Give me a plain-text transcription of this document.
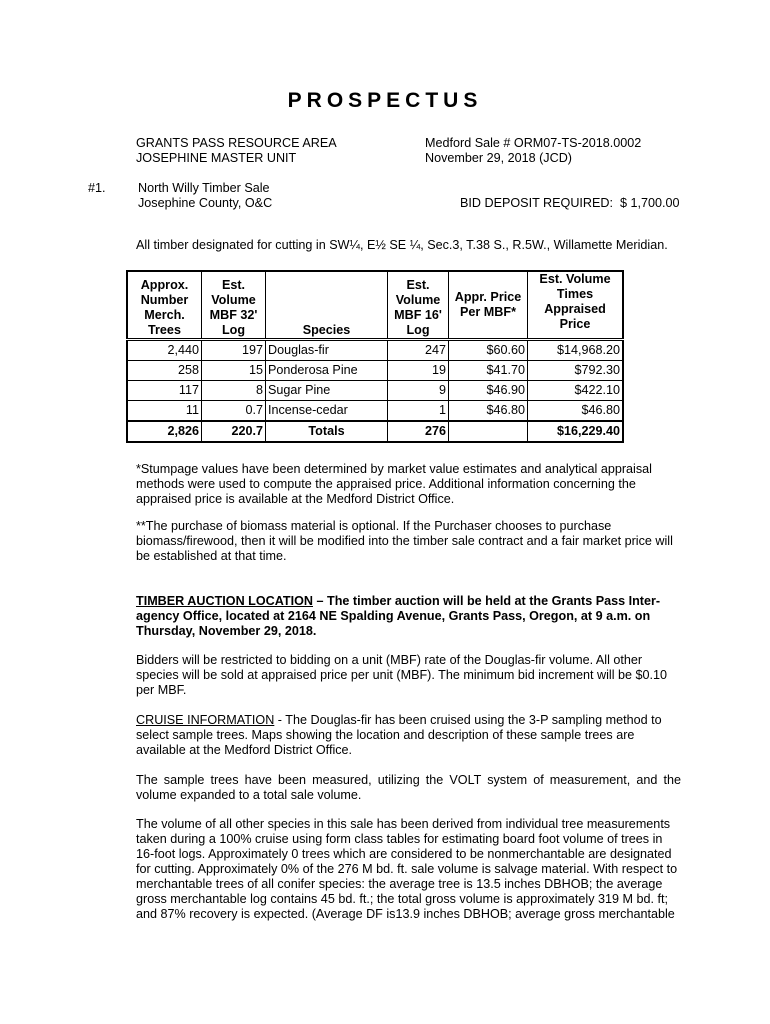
PROSPECTUS
GRANTS PASS RESOURCE AREA
JOSEPHINE MASTER UNIT
Medford Sale # ORM07-TS-2018.0002
November 29, 2018 (JCD)
#1.	North Willy Timber Sale
Josephine County, O&C	BID DEPOSIT REQUIRED:  $ 1,700.00
All timber designated for cutting in SW¼, E½ SE ¼, Sec.3, T.38 S., R.5W., Willamette Meridian.
Approx. Number Merch. Trees	Est. Volume MBF 32' Log	Species	Est. Volume MBF 16' Log	Appr. Price Per MBF*	Est. Volume Times Appraised Price
2,440	197	Douglas-fir	247	$60.60	$14,968.20
258	15	Ponderosa Pine	19	$41.70	$792.30
117	8	Sugar Pine	9	$46.90	$422.10
11	0.7	Incense-cedar	1	$46.80	$46.80
2,826	220.7	Totals	276		$16,229.40
*Stumpage values have been determined by market value estimates and analytical appraisal methods were used to compute the appraised price. Additional information concerning the appraised price is available at the Medford District Office.
**The purchase of biomass material is optional. If the Purchaser chooses to purchase biomass/firewood, then it will be modified into the timber sale contract and a fair market price will be established at that time.
TIMBER AUCTION LOCATION – The timber auction will be held at the Grants Pass Inter-agency Office, located at 2164 NE Spalding Avenue, Grants Pass, Oregon, at 9 a.m. on Thursday, November 29, 2018.
Bidders will be restricted to bidding on a unit (MBF) rate of the Douglas-fir volume. All other species will be sold at appraised price per unit (MBF). The minimum bid increment will be $0.10 per MBF.
CRUISE INFORMATION - The Douglas-fir has been cruised using the 3-P sampling method to select sample trees. Maps showing the location and description of these sample trees are available at the Medford District Office.
The sample trees have been measured, utilizing the VOLT system of measurement, and the volume expanded to a total sale volume.
The volume of all other species in this sale has been derived from individual tree measurements taken during a 100% cruise using form class tables for estimating board foot volume of trees in 16-foot logs. Approximately 0 trees which are considered to be nonmerchantable are designated for cutting. Approximately 0% of the 276 M bd. ft. sale volume is salvage material. With respect to merchantable trees of all conifer species: the average tree is 13.5 inches DBHOB; the average gross merchantable log contains 45 bd. ft.; the total gross volume is approximately 319 M bd. ft; and 87% recovery is expected. (Average DF is13.9 inches DBHOB; average gross merchantable
